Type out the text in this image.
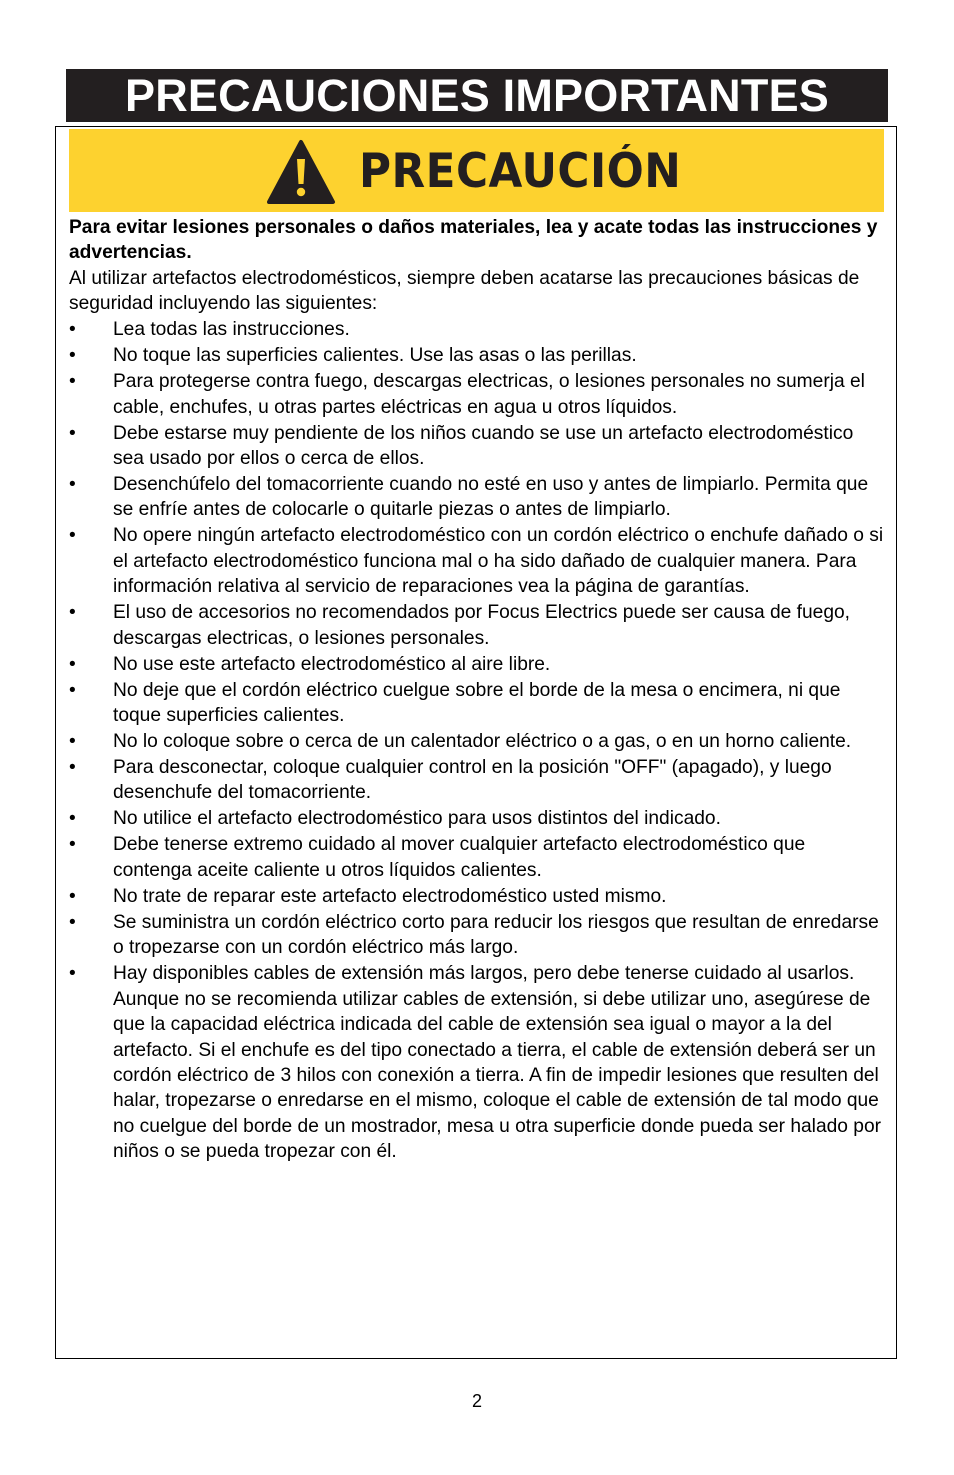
PRECAUCIONES IMPORTANTES
PRECAUCIÓN

Para evitar lesiones personales o daños materiales, lea y acate todas las instrucciones y advertencias.

Al utilizar artefactos electrodomésticos, siempre deben acatarse las precauciones básicas de seguridad incluyendo las siguientes:

• Lea todas las instrucciones.
• No toque las superficies calientes. Use las asas o las perillas.
• Para protegerse contra fuego, descargas electricas, o lesiones personales no sumerja el cable, enchufes, u otras partes eléctricas en agua u otros líquidos.
• Debe estarse muy pendiente de los niños cuando se use un artefacto electrodoméstico sea usado por ellos o cerca de ellos.
• Desenchúfelo del tomacorriente cuando no esté en uso y antes de limpiarlo. Permita que se enfríe antes de colocarle o quitarle piezas o antes de limpiarlo.
• No opere ningún artefacto electrodoméstico con un cordón eléctrico o enchufe dañado o si el artefacto electrodoméstico funciona mal o ha sido dañado de cualquier manera. Para información relativa al servicio de reparaciones vea la página de garantías.
• El uso de accesorios no recomendados por Focus Electrics puede ser causa de fuego, descargas electricas, o lesiones personales.
• No use este artefacto electrodoméstico al aire libre.
• No deje que el cordón eléctrico cuelgue sobre el borde de la mesa o encimera, ni que toque superficies calientes.
• No lo coloque sobre o cerca de un calentador eléctrico o a gas, o en un horno caliente.
• Para desconectar, coloque cualquier control en la posición "OFF" (apagado), y luego desenchufe del tomacorriente.
• No utilice el artefacto electrodoméstico para usos distintos del indicado.
• Debe tenerse extremo cuidado al mover cualquier artefacto electrodoméstico que contenga aceite caliente u otros líquidos calientes.
• No trate de reparar este artefacto electrodoméstico usted mismo.
• Se suministra un cordón eléctrico corto para reducir los riesgos que resultan de enredarse o tropezarse con un cordón eléctrico más largo.
• Hay disponibles cables de extensión más largos, pero debe tenerse cuidado al usarlos. Aunque no se recomienda utilizar cables de extensión, si debe utilizar uno, asegúrese de que la capacidad eléctrica indicada del cable de extensión sea igual o mayor a la del artefacto. Si el enchufe es del tipo conectado a tierra, el cable de extensión deberá ser un cordón eléctrico de 3 hilos con conexión a tierra. A fin de impedir lesiones que resulten del halar, tropezarse o enredarse en el mismo, coloque el cable de extensión de tal modo que no cuelgue del borde de un mostrador, mesa u otra superficie donde pueda ser halado por niños o se pueda tropezar con él.
2
